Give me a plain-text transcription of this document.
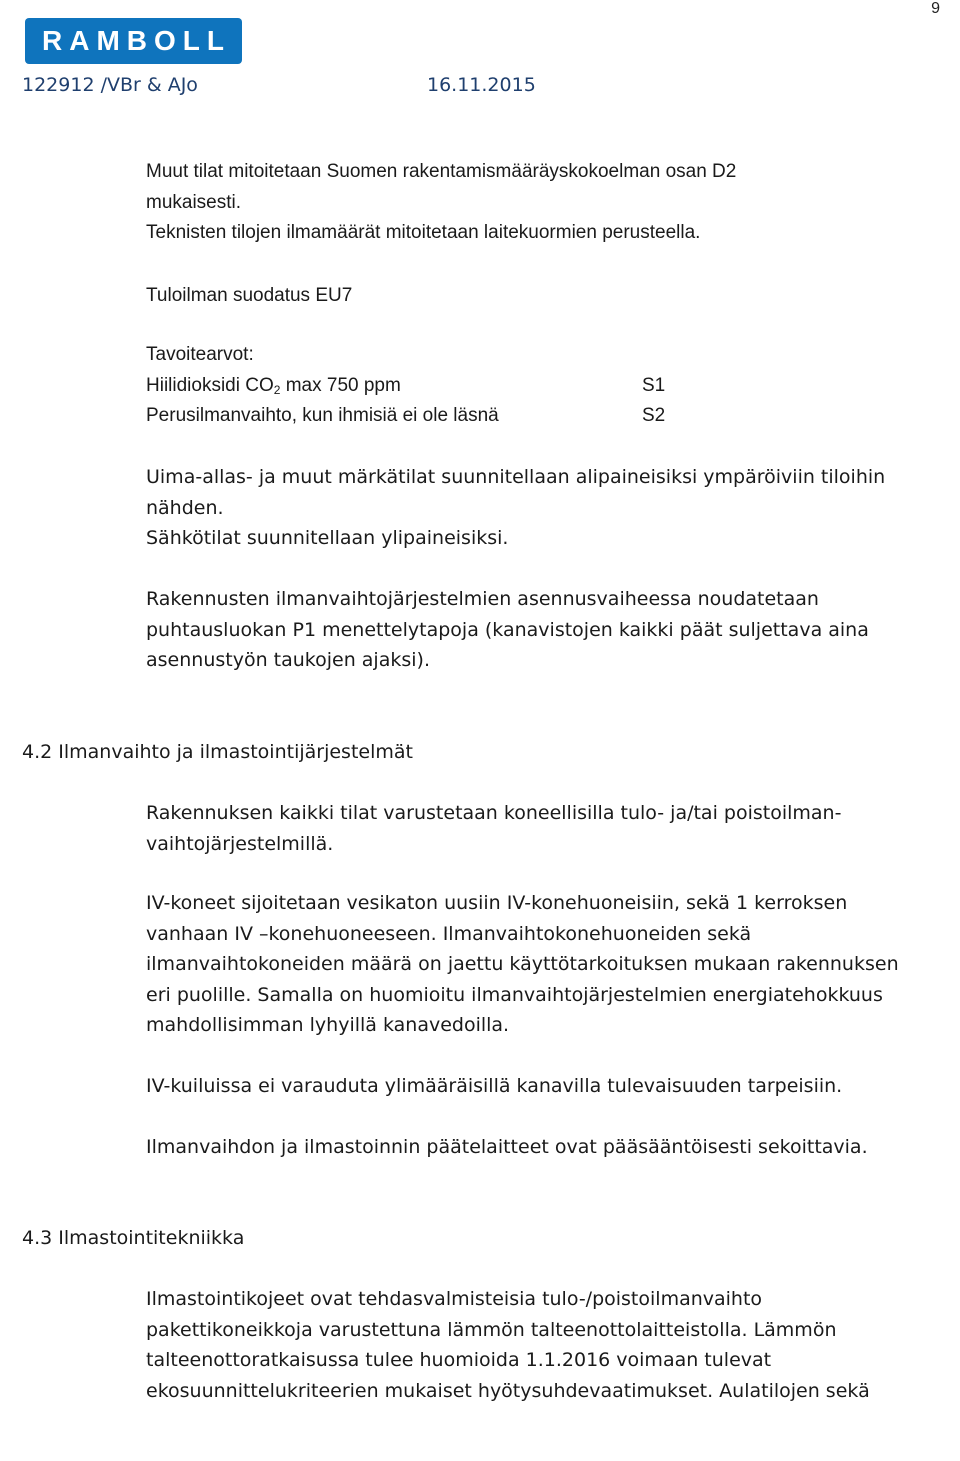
9
RAMBOLL
122912 /VBr & AJo	16.11.2015
Muut tilat mitoitetaan Suomen rakentamismääräyskokoelman osan D2
mukaisesti.
Teknisten tilojen ilmamäärät mitoitetaan laitekuormien perusteella.
Tuloilman suodatus EU7
Tavoitearvot:
Hiilidioksidi $CO_2$ max 750 ppm	S1
Perusilmanvaihto, kun ihmisiä ei ole läsnä	S2
Uima-allas- ja muut märkätilat suunnitellaan alipaineisiksi ympäröiviin tiloihin
nähden.
Sähkötilat suunnitellaan ylipaineisiksi.
Rakennusten ilmanvaihtojärjestelmien asennusvaiheessa noudatetaan
puhtausluokan P1 menettelytapoja (kanavistojen kaikki päät suljettava aina
asennustyön taukojen ajaksi).
4.2 Ilmanvaihto ja ilmastointijärjestelmät
Rakennuksen kaikki tilat varustetaan koneellisilla tulo- ja/tai poistoilman-
vaihtojärjestelmillä.
IV-koneet sijoitetaan vesikaton uusiin IV-konehuoneisiin, sekä 1 kerroksen
vanhaan IV –konehuoneeseen. Ilmanvaihtokonehuoneiden sekä
ilmanvaihtokoneiden määrä on jaettu käyttötarkoituksen mukaan rakennuksen
eri puolille. Samalla on huomioitu ilmanvaihtojärjestelmien energiatehokkuus
mahdollisimman lyhyillä kanavedoilla.
IV-kuiluissa ei varauduta ylimääräisillä kanavilla tulevaisuuden tarpeisiin.
Ilmanvaihdon ja ilmastoinnin päätelaitteet ovat pääsääntöisesti sekoittavia.
4.3 Ilmastointitekniikka
Ilmastointikojeet ovat tehdasvalmisteisia tulo-/poistoilmanvaihto
pakettikoneikkoja varustettuna lämmön talteenottolaitteistolla. Lämmön
talteenottoratkaisussa tulee huomioida 1.1.2016 voimaan tulevat
ekosuunnittelukriteerien mukaiset hyötysuhdevaatimukset. Aulatilojen sekä
